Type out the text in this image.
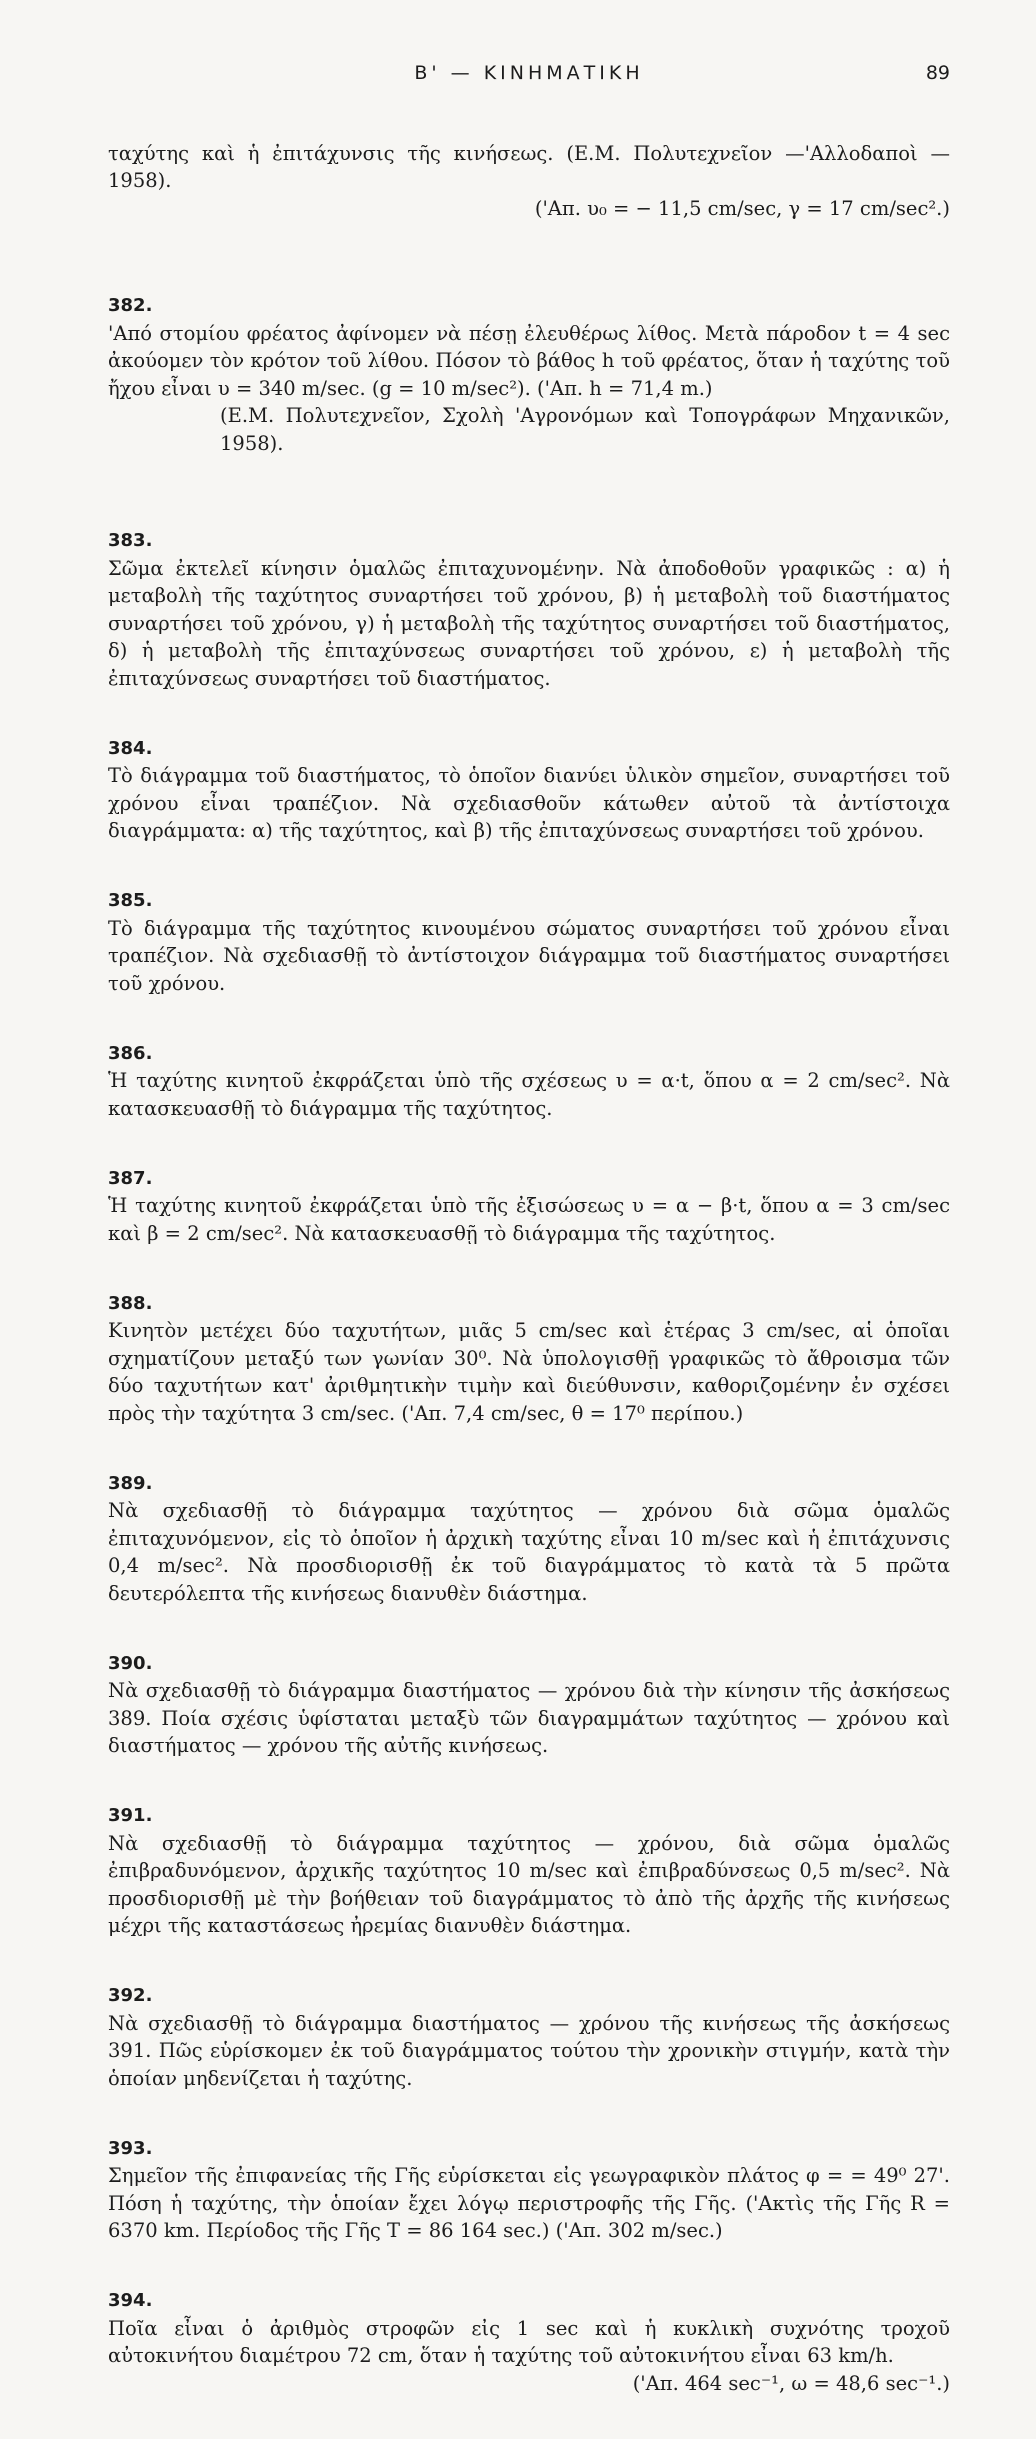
Β' — ΚΙΝΗΜΑΤΙΚΗ	89

ταχύτης καὶ ἡ ἐπιτάχυνσις τῆς κινήσεως. (Ε.Μ. Πολυτεχνεῖον —'Αλλοδαποὶ — 1958).

('Απ. υ₀ = − 11,5 cm/sec, γ = 17 cm/sec².)

382.
'Από στομίου φρέατος ἀφίνομεν νὰ πέσῃ ἐλευθέρως λίθος. Μετὰ πάροδον t = 4 sec ἀκούομεν τὸν κρότον τοῦ λίθου. Πόσον τὸ βάθος h τοῦ φρέατος, ὅταν ἡ ταχύτης τοῦ ἤχου εἶναι υ = 340 m/sec. (g = 10 m/sec²). ('Απ. h = 71,4 m.)

(Ε.Μ. Πολυτεχνεῖον, Σχολὴ 'Αγρονόμων καὶ Τοπογράφων Μηχανικῶν, 1958).

383.
Σῶμα ἐκτελεῖ κίνησιν ὁμαλῶς ἐπιταχυνομένην. Νὰ ἀποδοθοῦν γραφικῶς : α) ἡ μεταβολὴ τῆς ταχύτητος συναρτήσει τοῦ χρόνου, β) ἡ μεταβολὴ τοῦ διαστήματος συναρτήσει τοῦ χρόνου, γ) ἡ μεταβολὴ τῆς ταχύτητος συναρτήσει τοῦ διαστήματος, δ) ἡ μεταβολὴ τῆς ἐπιταχύνσεως συναρτήσει τοῦ χρόνου, ε) ἡ μεταβολὴ τῆς ἐπιταχύνσεως συναρτήσει τοῦ διαστήματος.

384.
Τὸ διάγραμμα τοῦ διαστήματος, τὸ ὁποῖον διανύει ὑλικὸν σημεῖον, συναρτήσει τοῦ χρόνου εἶναι τραπέζιον. Νὰ σχεδιασθοῦν κάτωθεν αὐτοῦ τὰ ἀντίστοιχα διαγράμματα: α) τῆς ταχύτητος, καὶ β) τῆς ἐπιταχύνσεως συναρτήσει τοῦ χρόνου.

385.
Τὸ διάγραμμα τῆς ταχύτητος κινουμένου σώματος συναρτήσει τοῦ χρόνου εἶναι τραπέζιον. Νὰ σχεδιασθῇ τὸ ἀντίστοιχον διάγραμμα τοῦ διαστήματος συναρτήσει τοῦ χρόνου.

386.
Ἡ ταχύτης κινητοῦ ἐκφράζεται ὑπὸ τῆς σχέσεως υ = α·t, ὅπου α = 2 cm/sec². Νὰ κατασκευασθῇ τὸ διάγραμμα τῆς ταχύτητος.

387.
Ἡ ταχύτης κινητοῦ ἐκφράζεται ὑπὸ τῆς ἐξισώσεως υ = α − β·t, ὅπου α = 3 cm/sec καὶ β = 2 cm/sec². Νὰ κατασκευασθῇ τὸ διάγραμμα τῆς ταχύτητος.

388.
Κινητὸν μετέχει δύο ταχυτήτων, μιᾶς 5 cm/sec καὶ ἑτέρας 3 cm/sec, αἱ ὁποῖαι σχηματίζουν μεταξύ των γωνίαν 30⁰. Νὰ ὑπολογισθῇ γραφικῶς τὸ ἄθροισμα τῶν δύο ταχυτήτων κατ' ἀριθμητικὴν τιμὴν καὶ διεύθυνσιν, καθοριζομένην ἐν σχέσει πρὸς τὴν ταχύτητα 3 cm/sec. ('Απ. 7,4 cm/sec, θ = 17⁰ περίπου.)

389.
Νὰ σχεδιασθῇ τὸ διάγραμμα ταχύτητος — χρόνου διὰ σῶμα ὁμαλῶς ἐπιταχυνόμενον, εἰς τὸ ὁποῖον ἡ ἀρχικὴ ταχύτης εἶναι 10 m/sec καὶ ἡ ἐπιτάχυνσις 0,4 m/sec². Νὰ προσδιορισθῇ ἐκ τοῦ διαγράμματος τὸ κατὰ τὰ 5 πρῶτα δευτερόλεπτα τῆς κινήσεως διανυθὲν διάστημα.

390.
Νὰ σχεδιασθῇ τὸ διάγραμμα διαστήματος — χρόνου διὰ τὴν κίνησιν τῆς ἀσκήσεως 389. Ποία σχέσις ὑφίσταται μεταξὺ τῶν διαγραμμάτων ταχύτητος — χρόνου καὶ διαστήματος — χρόνου τῆς αὐτῆς κινήσεως.

391.
Νὰ σχεδιασθῇ τὸ διάγραμμα ταχύτητος — χρόνου, διὰ σῶμα ὁμαλῶς ἐπιβραδυνόμενον, ἀρχικῆς ταχύτητος 10 m/sec καὶ ἐπιβραδύνσεως 0,5 m/sec². Νὰ προσδιορισθῇ μὲ τὴν βοήθειαν τοῦ διαγράμματος τὸ ἀπὸ τῆς ἀρχῆς τῆς κινήσεως μέχρι τῆς καταστάσεως ἠρεμίας διανυθὲν διάστημα.

392.
Νὰ σχεδιασθῇ τὸ διάγραμμα διαστήματος — χρόνου τῆς κινήσεως τῆς ἀσκήσεως 391. Πῶς εὑρίσκομεν ἐκ τοῦ διαγράμματος τούτου τὴν χρονικὴν στιγμήν, κατὰ τὴν ὁποίαν μηδενίζεται ἡ ταχύτης.

393.
Σημεῖον τῆς ἐπιφανείας τῆς Γῆς εὑρίσκεται εἰς γεωγραφικὸν πλάτος φ = = 49⁰ 27'. Πόση ἡ ταχύτης, τὴν ὁποίαν ἔχει λόγῳ περιστροφῆς τῆς Γῆς. ('Ακτὶς τῆς Γῆς R = 6370 km. Περίοδος τῆς Γῆς T = 86 164 sec.) ('Απ. 302 m/sec.)

394.
Ποῖα εἶναι ὁ ἀριθμὸς στροφῶν εἰς 1 sec καὶ ἡ κυκλικὴ συχνότης τροχοῦ αὐτοκινήτου διαμέτρου 72 cm, ὅταν ἡ ταχύτης τοῦ αὐτοκινήτου εἶναι 63 km/h.

('Απ. 464 sec⁻¹, ω = 48,6 sec⁻¹.)
